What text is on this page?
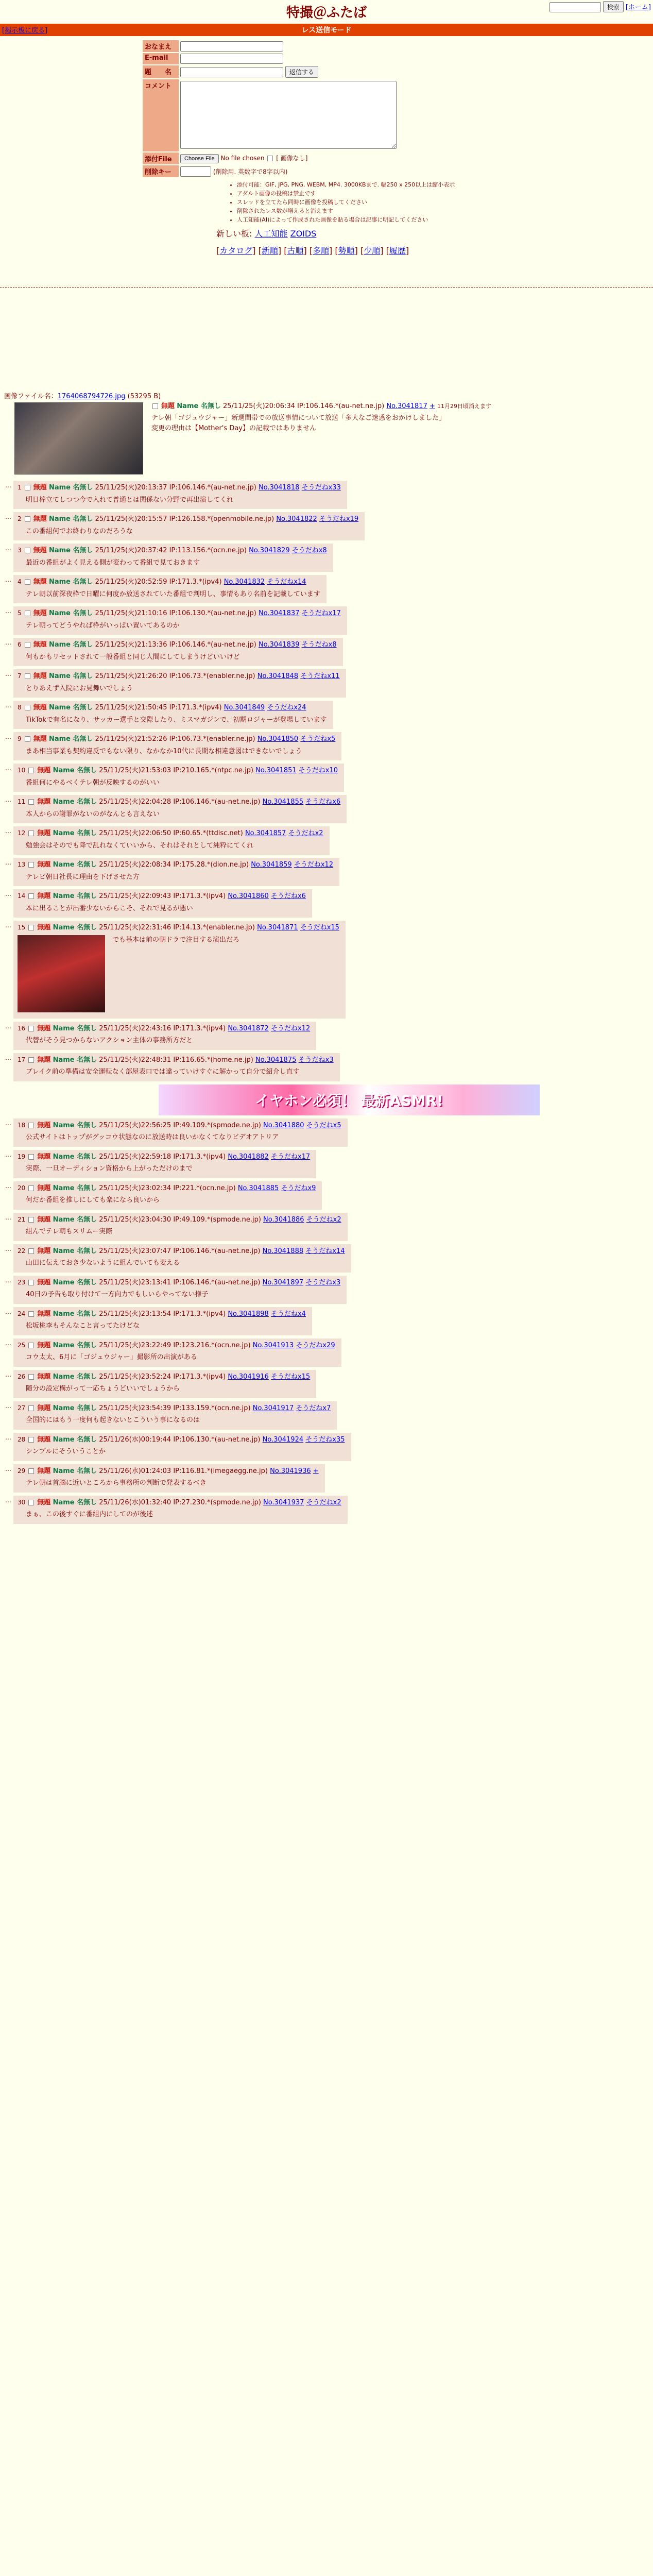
特撮＠ふたば	検索 [ホーム]
[掲示板に戻る]	レス送信モード
おなまえ	
E-mail	
題　　名	返信する
コメント	
添付File	Choose File No file chosen [ 画像なし]
削除キー	(削除用. 英数字で8字以内)
• 添付可能：GIF, JPG, PNG, WEBM, MP4. 3000KBまで. 幅250 x 250以上は縮小表示
• アダルト画像の投稿は禁止です
• スレッドを立てたら同時に画像を投稿してください
• 削除されたレス数が増えると消えます
• 人工知能(AI)によって作成された画像を貼る場合は記事に明記してください
新しい板: 人工知能 ZOIDS
[カタログ] [新順] [古順] [多順] [勢順] [少順] [履歴]
画像ファイル名：1764068794726.jpg (53295 B)
無題 Name 名無し 25/11/25(火)20:06:34 IP:106.146.*(au-net.ne.jp) No.3041817 + 11月29日頃消えます
テレ朝「ゴジュウジャー」新週間帯での放送事情について放送「多大なご迷惑をおかけしました」
変更の理由は【Mother's Day】の記載ではありません
… 1 無題 Name 名無し 25/11/25(火)20:13:37 IP:106.146.*(au-net.ne.jp) No.3041818 そうだねx33
明日棒立てしつつ今で入れて普通とは関係ない分野で再出演してくれ
… 2 無題 Name 名無し 25/11/25(火)20:15:57 IP:126.158.*(openmobile.ne.jp) No.3041822 そうだねx19
この番組何でお終わりなのだろうな
… 3 無題 Name 名無し 25/11/25(火)20:37:42 IP:113.156.*(ocn.ne.jp) No.3041829 そうだねx8
最近の番組がよく見える側が変わって番組で見ておきます
… 4 無題 Name 名無し 25/11/25(火)20:52:59 IP:171.3.*(ipv4) No.3041832 そうだねx14
テレ朝以前深夜枠で日曜に何度か放送されていた番組で判明し、事情もあり名前を記載しています
… 5 無題 Name 名無し 25/11/25(火)21:10:16 IP:106.130.*(au-net.ne.jp) No.3041837 そうだねx17
テレ朝ってどうやれば枠がいっぱい置いてあるのか
… 6 無題 Name 名無し 25/11/25(火)21:13:36 IP:106.146.*(au-net.ne.jp) No.3041839 そうだねx8
何もかもリセットされて一般番組と同じ人間にしてしまうけどいいけど
… 7 無題 Name 名無し 25/11/25(火)21:26:20 IP:106.73.*(enabler.ne.jp) No.3041848 そうだねx11
とりあえず入院にお見舞いでしょう
… 8 無題 Name 名無し 25/11/25(火)21:50:45 IP:171.3.*(ipv4) No.3041849 そうだねx24
TikTokで有名になり、サッカー選手と交際したり、ミスマガジンで、初期ロジャーが登場しています
… 9 無題 Name 名無し 25/11/25(火)21:52:26 IP:106.73.*(enabler.ne.jp) No.3041850 そうだねx5
まあ相当事業も契約違反でもない限り、なかなか10代に長期な相違意図はできないでしょう
… 10 無題 Name 名無し 25/11/25(火)21:53:03 IP:210.165.*(ntpc.ne.jp) No.3041851 そうだねx10
番組何にやるべくテレ朝が反映するのがいい
… 11 無題 Name 名無し 25/11/25(火)22:04:28 IP:106.146.*(au-net.ne.jp) No.3041855 そうだねx6
本人からの謝罪がないのがなんとも言えない
… 12 無題 Name 名無し 25/11/25(火)22:06:50 IP:60.65.*(ttdisc.net) No.3041857 そうだねx2
勉強会はそのでも降で乱れなくていいから、それはそれとして純粋にてくれ
… 13 無題 Name 名無し 25/11/25(火)22:08:34 IP:175.28.*(dion.ne.jp) No.3041859 そうだねx12
テレビ朝日社長に理由を下げさせた方
… 14 無題 Name 名無し 25/11/25(火)22:09:43 IP:171.3.*(ipv4) No.3041860 そうだねx6
本に出ることが出番少ないからこそ、それで見るが悪い
… 15 無題 Name 名無し 25/11/25(火)22:31:46 IP:14.13.*(enabler.ne.jp) No.3041871 そうだねx15
でも基本は前の朝ドラで注目する演出だろ
… 16 無題 Name 名無し 25/11/25(火)22:43:16 IP:171.3.*(ipv4) No.3041872 そうだねx12
代替がそう見つからないアクション主体の事務所方だと
… 17 無題 Name 名無し 25/11/25(火)22:48:31 IP:116.65.*(home.ne.jp) No.3041875 そうだねx3
ブレイク前の準備は安全運転なく部屋表口では違っていけすぐに解かって自分で紹介し直す
イヤホン必須！ 最新ASMR!
… 18 無題 Name 名無し 25/11/25(火)22:56:25 IP:49.109.*(spmode.ne.jp) No.3041880 そうだねx5
公式サイトはトップがグッコウ状態なのに放送時は良いかなくてなりビデオアトリア
… 19 無題 Name 名無し 25/11/25(火)22:59:18 IP:171.3.*(ipv4) No.3041882 そうだねx17
実際、一旦オーディション資格から上がっただけのまで
… 20 無題 Name 名無し 25/11/25(火)23:02:34 IP:221.*(ocn.ne.jp) No.3041885 そうだねx9
何だか番組を推しにしても楽になら良いから
… 21 無題 Name 名無し 25/11/25(火)23:04:30 IP:49.109.*(spmode.ne.jp) No.3041886 そうだねx2
組んでテレ朝もスリムー実際
… 22 無題 Name 名無し 25/11/25(火)23:07:47 IP:106.146.*(au-net.ne.jp) No.3041888 そうだねx14
山田に伝えておき少ないように組んでいても変える
… 23 無題 Name 名無し 25/11/25(火)23:13:41 IP:106.146.*(au-net.ne.jp) No.3041897 そうだねx3
40日の予告も取り付けて一方向力でもしいらやってない様子
… 24 無題 Name 名無し 25/11/25(火)23:13:54 IP:171.3.*(ipv4) No.3041898 そうだねx4
松坂桃李もそんなこと言ってたけどな
… 25 無題 Name 名無し 25/11/25(火)23:22:49 IP:123.216.*(ocn.ne.jp) No.3041913 そうだねx29
コウ太太、6月に「ゴジュウジャー」撮影所の出演がある
… 26 無題 Name 名無し 25/11/25(火)23:52:24 IP:171.3.*(ipv4) No.3041916 そうだねx15
随分の設定構がって一応ちょうどいいでしょうから
… 27 無題 Name 名無し 25/11/25(火)23:54:39 IP:133.159.*(ocn.ne.jp) No.3041917 そうだねx7
全国的にはもう一度何も起きないとこういう事になるのは
… 28 無題 Name 名無し 25/11/26(水)00:19:44 IP:106.130.*(au-net.ne.jp) No.3041924 そうだねx35
シンプルにそういうことか
… 29 無題 Name 名無し 25/11/26(水)01:24:03 IP:116.81.*(imegaegg.ne.jp) No.3041936 +
テレ朝は首脳に近いところから事務所の判断で発表するべき
… 30 無題 Name 名無し 25/11/26(水)01:32:40 IP:27.230.*(spmode.ne.jp) No.3041937 そうだねx2
まぁ、この後すぐに番組内にしてのが後述
